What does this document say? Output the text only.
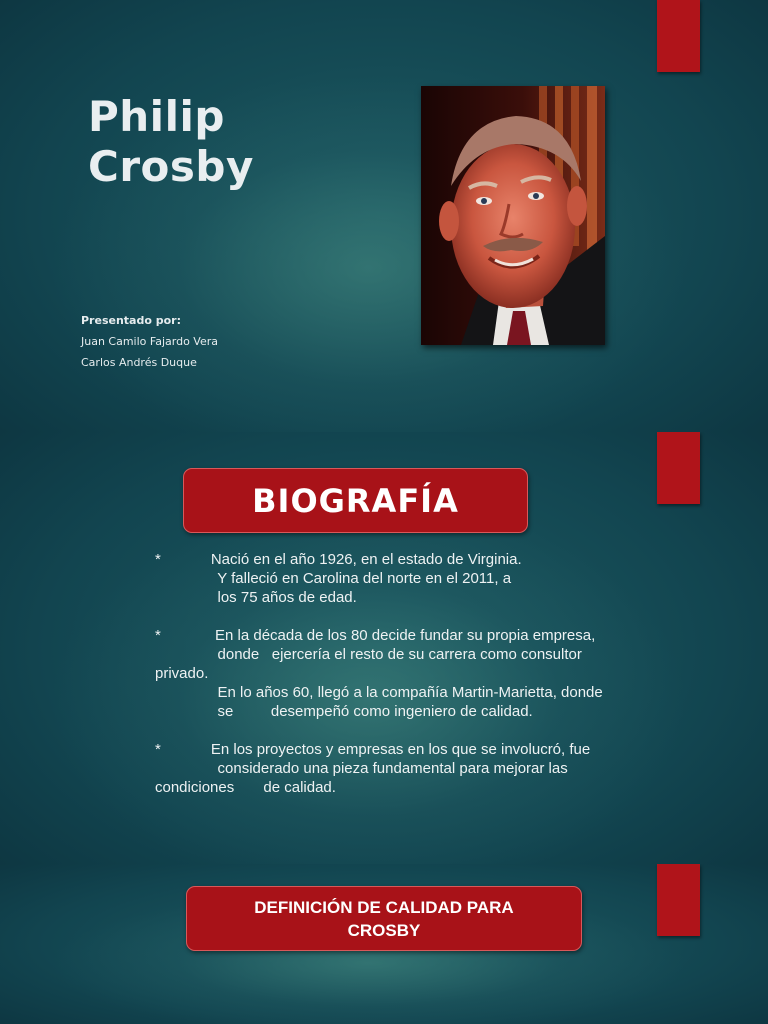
Philip
Crosby
Presentado por:
Juan Camilo Fajardo Vera
Carlos Andrés Duque
BIOGRAFÍA
*            Nació en el año 1926, en el estado de Virginia.
Y falleció en Carolina del norte en el 2011, a
los 75 años de edad.
*             En la década de los 80 decide fundar su propia empresa,
donde   ejercería el resto de su carrera como consultor
privado.
En lo años 60, llegó a la compañía Martin-Marietta, donde
se         desempeñó como ingeniero de calidad.
*            En los proyectos y empresas en los que se involucró, fue
considerado una pieza fundamental para mejorar las
condiciones       de calidad.
DEFINICIÓN DE CALIDAD PARA CROSBY
